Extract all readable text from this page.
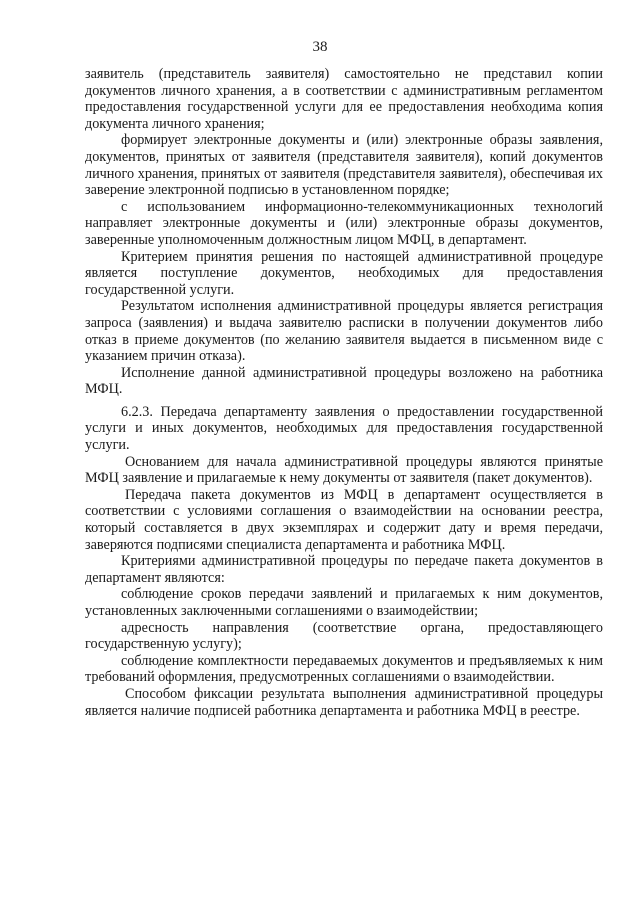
38

заявитель (представитель заявителя) самостоятельно не представил копии документов личного хранения, а в соответствии с административным регламентом предоставления государственной услуги для ее предоставления необходима копия документа личного хранения;

формирует электронные документы и (или) электронные образы заявления, документов, принятых от заявителя (представителя заявителя), копий документов личного хранения, принятых от заявителя (представителя заявителя), обеспечивая их заверение электронной подписью в установленном порядке;

с использованием информационно-телекоммуникационных технологий направляет электронные документы и (или) электронные образы документов, заверенные уполномоченным должностным лицом МФЦ, в департамент.

Критерием принятия решения по настоящей административной процедуре является поступление документов, необходимых для предоставления государственной услуги.

Результатом исполнения административной процедуры является регистрация запроса (заявления) и выдача заявителю расписки в получении документов либо отказ в приеме документов (по желанию заявителя выдается в письменном виде с указанием причин отказа).

Исполнение данной административной процедуры возложено на работника МФЦ.

6.2.3. Передача департаменту заявления о предоставлении государственной услуги и иных документов, необходимых для предоставления государственной услуги.

Основанием для начала административной процедуры являются принятые МФЦ заявление и прилагаемые к нему документы от заявителя (пакет документов).

Передача пакета документов из МФЦ в департамент осуществляется в соответствии с условиями соглашения о взаимодействии на основании реестра, который составляется в двух экземплярах и содержит дату и время передачи, заверяются подписями специалиста департамента и работника МФЦ.

Критериями административной процедуры по передаче пакета документов в департамент являются:

соблюдение сроков передачи заявлений и прилагаемых к ним документов, установленных заключенными соглашениями о взаимодействии;

адресность направления (соответствие органа, предоставляющего государственную услугу);

соблюдение комплектности передаваемых документов и предъявляемых к ним требований оформления, предусмотренных соглашениями о взаимодействии.

Способом фиксации результата выполнения административной процедуры является наличие подписей работника департамента и работника МФЦ в реестре.
